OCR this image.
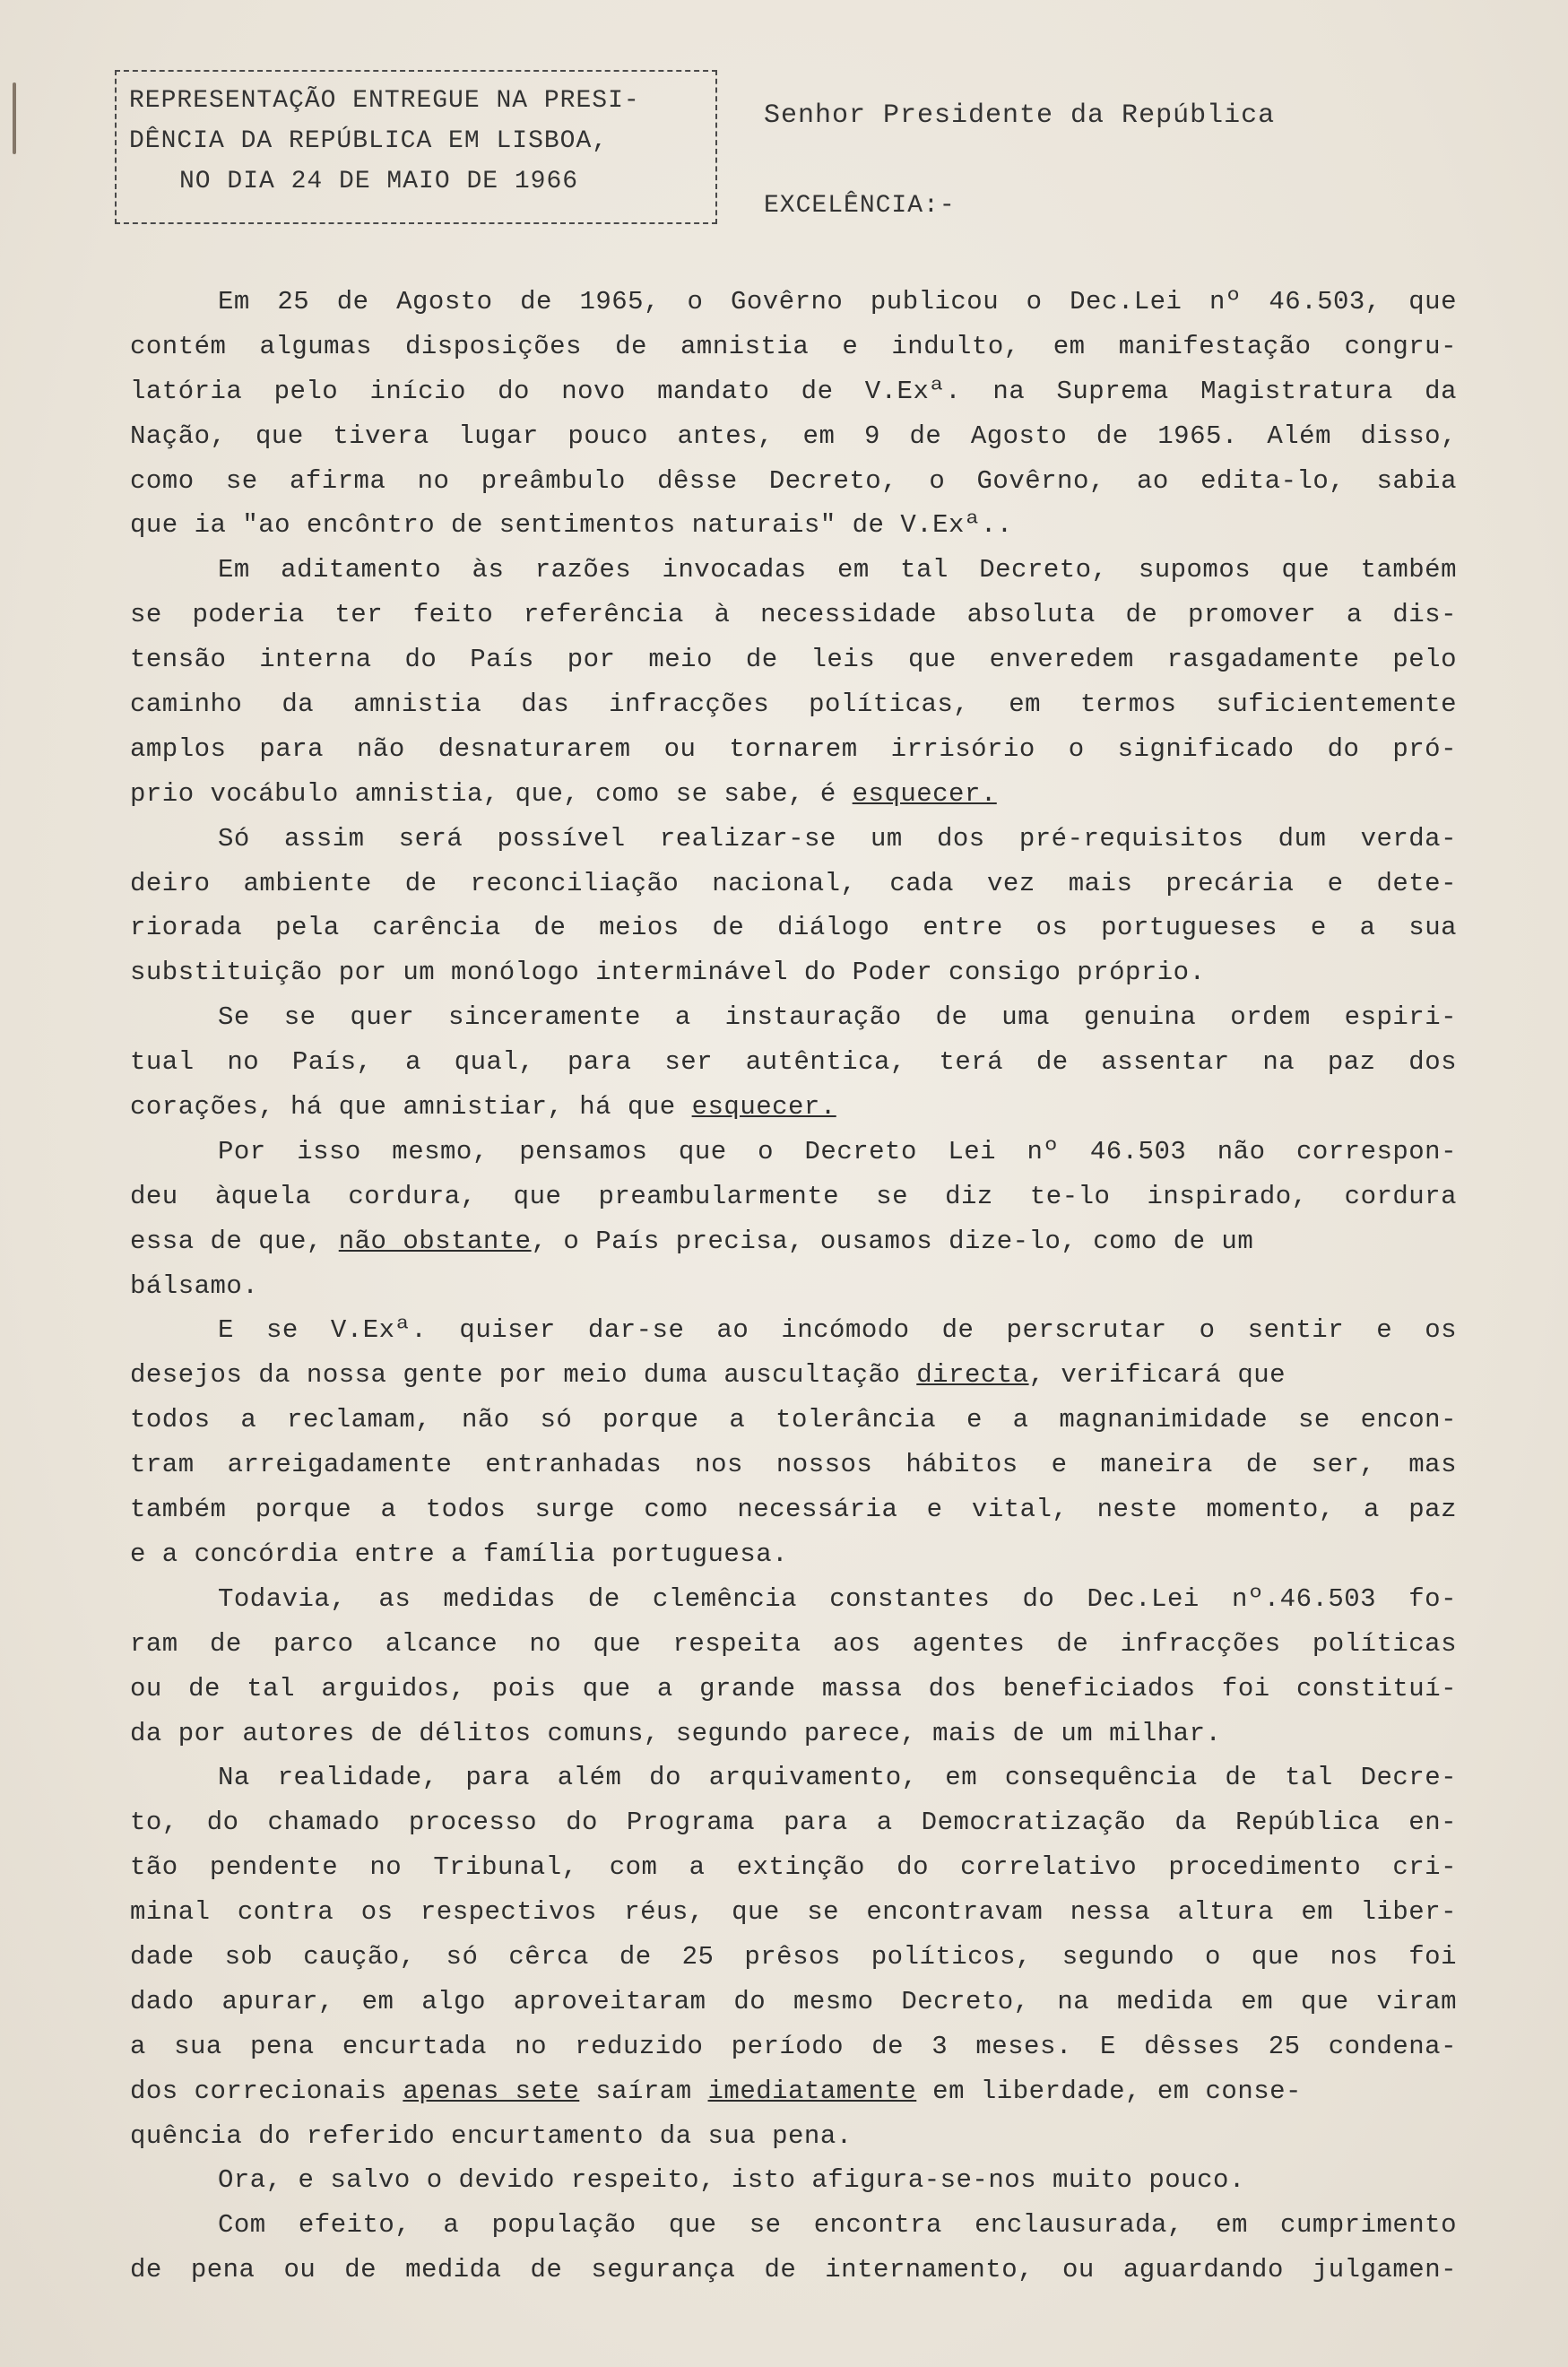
REPRESENTAÇÃO ENTREGUE NA PRESI-
DÊNCIA DA REPÚBLICA EM LISBOA,
NO DIA 24 DE MAIO DE 1966
Senhor Presidente da República
EXCELÊNCIA:-
Em 25 de Agosto de 1965, o Govêrno publicou o Dec.Lei nº 46.503, que
contém algumas disposições de amnistia e indulto, em manifestação congru-
latória pelo início do novo mandato de V.Exª. na Suprema Magistratura da
Nação, que tivera lugar pouco antes, em 9 de Agosto de 1965. Além disso,
como se afirma no preâmbulo dêsse Decreto, o Govêrno, ao edita-lo, sabia
que ia "ao encôntro de sentimentos naturais" de V.Exª..
Em aditamento às razões invocadas em tal Decreto, supomos que também
se poderia ter feito referência à necessidade absoluta de promover a dis-
tensão interna do País por meio de leis que enveredem rasgadamente pelo
caminho da amnistia das infracções políticas, em termos suficientemente
amplos para não desnaturarem ou tornarem irrisório o significado do pró-
prio vocábulo amnistia, que, como se sabe, é esquecer.
Só assim será possível realizar-se um dos pré-requisitos dum verda-
deiro ambiente de reconciliação nacional, cada vez mais precária e dete-
riorada pela carência de meios de diálogo entre os portugueses e a sua
substituição por um monólogo interminável do Poder consigo próprio.
Se se quer sinceramente a instauração de uma genuina ordem espiri-
tual no País, a qual, para ser autêntica, terá de assentar na paz dos
corações, há que amnistiar, há que esquecer.
Por isso mesmo, pensamos que o Decreto Lei nº 46.503 não correspon-
deu àquela cordura, que preambularmente se diz te-lo inspirado, cordura
essa de que, não obstante, o País precisa, ousamos dize-lo, como de um
bálsamo.
E se V.Exª. quiser dar-se ao incómodo de perscrutar o sentir e os
desejos da nossa gente por meio duma auscultação directa, verificará que
todos a reclamam, não só porque a tolerância e a magnanimidade se encon-
tram arreigadamente entranhadas nos nossos hábitos e maneira de ser, mas
também porque a todos surge como necessária e vital, neste momento, a paz
e a concórdia entre a família portuguesa.
Todavia, as medidas de clemência constantes do Dec.Lei nº.46.503 fo-
ram de parco alcance no que respeita aos agentes de infracções políticas
ou de tal arguidos, pois que a grande massa dos beneficiados foi constituí-
da por autores de délitos comuns, segundo parece, mais de um milhar.
Na realidade, para além do arquivamento, em consequência de tal Decre-
to, do chamado processo do Programa para a Democratização da República en-
tão pendente no Tribunal, com a extinção do correlativo procedimento cri-
minal contra os respectivos réus, que se encontravam nessa altura em liber-
dade sob caução, só cêrca de 25 prêsos políticos, segundo o que nos foi
dado apurar, em algo aproveitaram do mesmo Decreto, na medida em que viram
a sua pena encurtada no reduzido período de 3 meses. E dêsses 25 condena-
dos correcionais apenas sete saíram imediatamente em liberdade, em conse-
quência do referido encurtamento da sua pena.
Ora, e salvo o devido respeito, isto afigura-se-nos muito pouco.
Com efeito, a população que se encontra enclausurada, em cumprimento
de pena ou de medida de segurança de internamento, ou aguardando julgamen-
